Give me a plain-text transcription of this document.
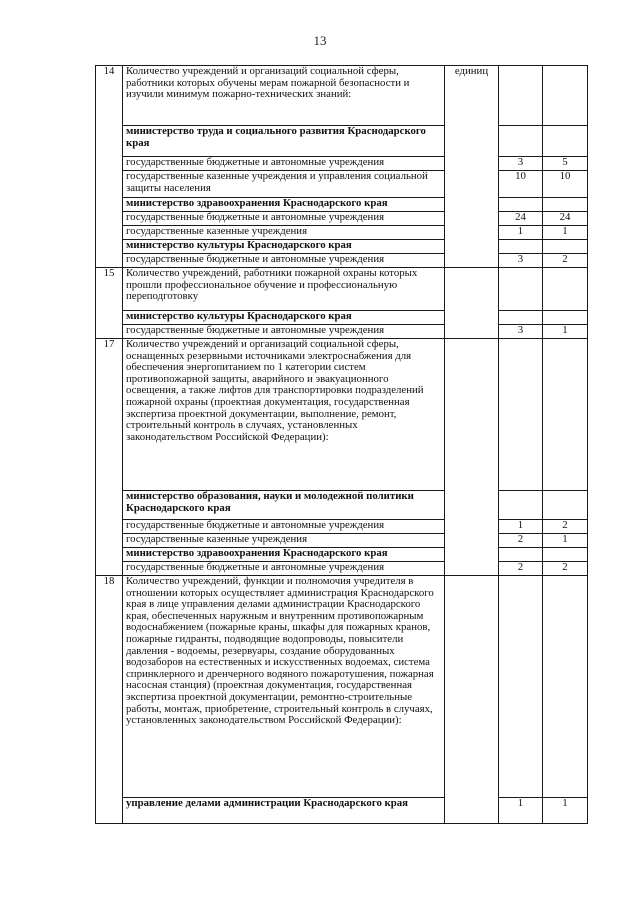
13
14	Количество учреждений и организаций социальной сферы, работники которых обучены мерам пожарной безопасности и изучили минимум пожарно-технических знаний:	единиц		
	министерство труда и социального развития Краснодарского края			
	государственные бюджетные и автономные учреждения		3	5
	государственные казенные учреждения и управления социальной защиты населения		10	10
	министерство здравоохранения Краснодарского края			
	государственные бюджетные и автономные учреждения		24	24
	государственные казенные учреждения		1	1
	министерство культуры Краснодарского края			
	государственные бюджетные и автономные учреждения		3	2
15	Количество учреждений, работники пожарной охраны которых прошли профессиональное обучение и профессиональную переподготовку			
	министерство культуры Краснодарского края			
	государственные бюджетные и автономные учреждения		3	1
17	Количество учреждений и организаций социальной сферы, оснащенных резервными источниками электроснабжения для обеспечения энергопитанием по 1 категории систем противопожарной защиты, аварийного и эвакуационного освещения, а также лифтов для транспортировки подразделений пожарной охраны (проектная документация, государственная экспертиза проектной документации, выполнение, ремонт, строительный контроль в случаях, установленных законодательством Российской Федерации):			
	министерство образования, науки и молодежной политики Краснодарского края			
	государственные бюджетные и автономные учреждения		1	2
	государственные казенные учреждения		2	1
	министерство здравоохранения Краснодарского края			
	государственные бюджетные и автономные учреждения		2	2
18	Количество учреждений, функции и полномочия учредителя в отношении которых осуществляет администрация Краснодарского края в лице управления делами администрации Краснодарского края, обеспеченных наружным и внутренним противопожарным водоснабжением (пожарные краны, шкафы для пожарных кранов, пожарные гидранты, подводящие водопроводы, повысители давления - водоемы, резервуары, создание оборудованных водозаборов на естественных и искусственных водоемах, система спринклерного и дренчерного водяного пожаротушения, пожарная насосная станция) (проектная документация, государственная экспертиза проектной документации, ремонтно-строительные работы, монтаж, приобретение, строительный контроль в случаях, установленных законодательством Российской Федерации):			
	управление делами администрации Краснодарского края		1	1
